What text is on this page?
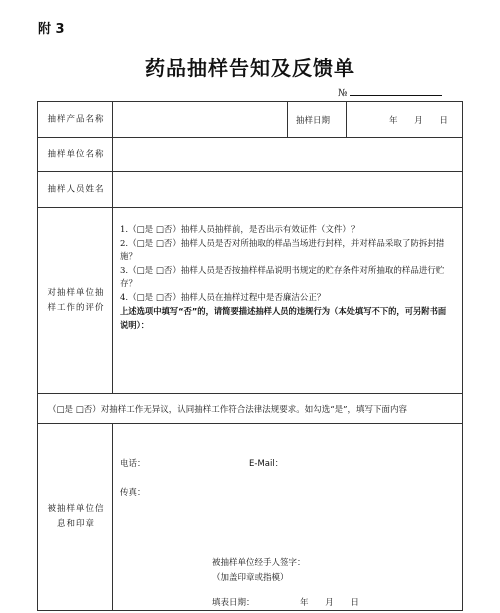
附 3
药品抽样告知及反馈单
№
抽样产品名称	抽样日期	年 月 日
抽样单位名称
抽样人员姓名
对抽样单位抽样工作的评价

1.（□是 □否）抽样人员抽样前，是否出示有效证件（文件）？

2.（□是 □否）抽样人员是否对所抽取的样品当场进行封样，并对样品采取了防拆封措施？

3.（□是 □否）抽样人员是否按抽样样品说明书规定的贮存条件对所抽取的样品进行贮存？

4.（□是 □否）抽样人员在抽样过程中是否廉洁公正？

上述选项中填写“否”的，请简要描述抽样人员的违规行为（本处填写不下的，可另附书面说明）：

（□是 □否）对抽样工作无异议，认同抽样工作符合法律法规要求。如勾选“是”，填写下面内容
被抽样单位信息和印章
电话：	E-Mail：
传真：
被抽样单位经手人签字：
（加盖印章或指模）
填表日期：	年 月 日
